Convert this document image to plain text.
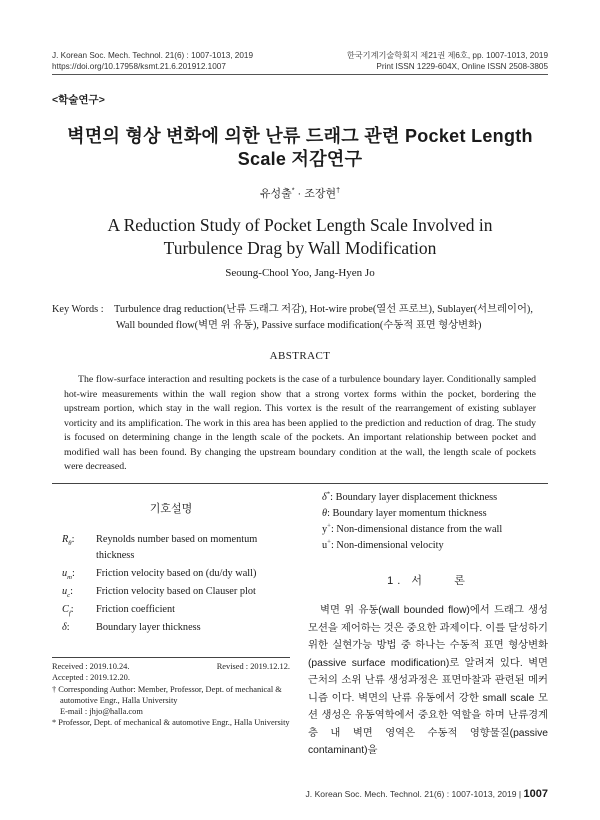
J. Korean Soc. Mech. Technol. 21(6) : 1007-1013, 2019
https://doi.org/10.17958/ksmt.21.6.201912.1007
한국기계기술학회지 제21권 제6호, pp. 1007-1013, 2019
Print ISSN 1229-604X, Online ISSN 2508-3805
<학술연구>
벽면의 형상 변화에 의한 난류 드래그 관련 Pocket Length
Scale 저감연구
유성출* · 조장현†
A Reduction Study of Pocket Length Scale Involved in
Turbulence Drag by Wall Modification
Seoung-Chool Yoo, Jang-Hyen Jo
Key Words : Turbulence drag reduction(난류 드래그 저감), Hot-wire probe(열선 프로브), Sublayer(서브레이어),
Wall bounded flow(벽면 위 유동), Passive surface modification(수동적 표면 형상변화)
ABSTRACT
The flow-surface interaction and resulting pockets is the case of a turbulence boundary layer. Conditionally sampled hot-wire measurements within the wall region show that a strong vortex forms within the pocket, bordering the upstream portion, which stay in the wall region. This vortex is the result of the rearrangement of existing sublayer vorticity and its amplification. The work in this area has been applied to the prediction and reduction of drag. The study is focused on determining change in the length scale of the pockets. An important relationship between pocket and modified wall has been found. By changing the upstream boundary condition at the wall, the length scale of pockets were decreased.
기호설명
$R_\theta$:	Reynolds number based on momentum thickness
$u_m$:	Friction velocity based on (du/dy wall)
$u_c$:	Friction velocity based on Clauser plot
$C_f$:	Friction coefficient
δ:	Boundary layer thickness
δ*: Boundary layer displacement thickness
θ: Boundary layer momentum thickness
y+: Non-dimensional distance from the wall
u+: Non-dimensional velocity
1. 서    론
벽면 위 유동(wall bounded flow)에서 드래그 생성 모션을 제어하는 것은 중요한 과제이다. 이를 달성하기 위한 실현가능 방법 중 하나는 수동적 표면 형상변화(passive surface modification)로 알려져 있다. 벽면 근처의 소위 난류 생성과정은 표면마찰과 관련된 메커니즘 이다. 벽면의 난류 유동에서 강한 small scale 모션 생성은 유동역학에서 중요한 역할을 하며 난류경계층 내 벽면 영역은 수동적 영향물질(passive contaminant)을
Received : 2019.10.24.	Revised : 2019.12.12.
Accepted : 2019.12.20.
† Corresponding Author: Member, Professor, Dept. of mechanical & automotive Engr., Halla University
E-mail : jhjo@halla.com
* Professor, Dept. of mechanical & automotive Engr., Halla University
J. Korean Soc. Mech. Technol. 21(6) : 1007-1013, 2019 | 1007
